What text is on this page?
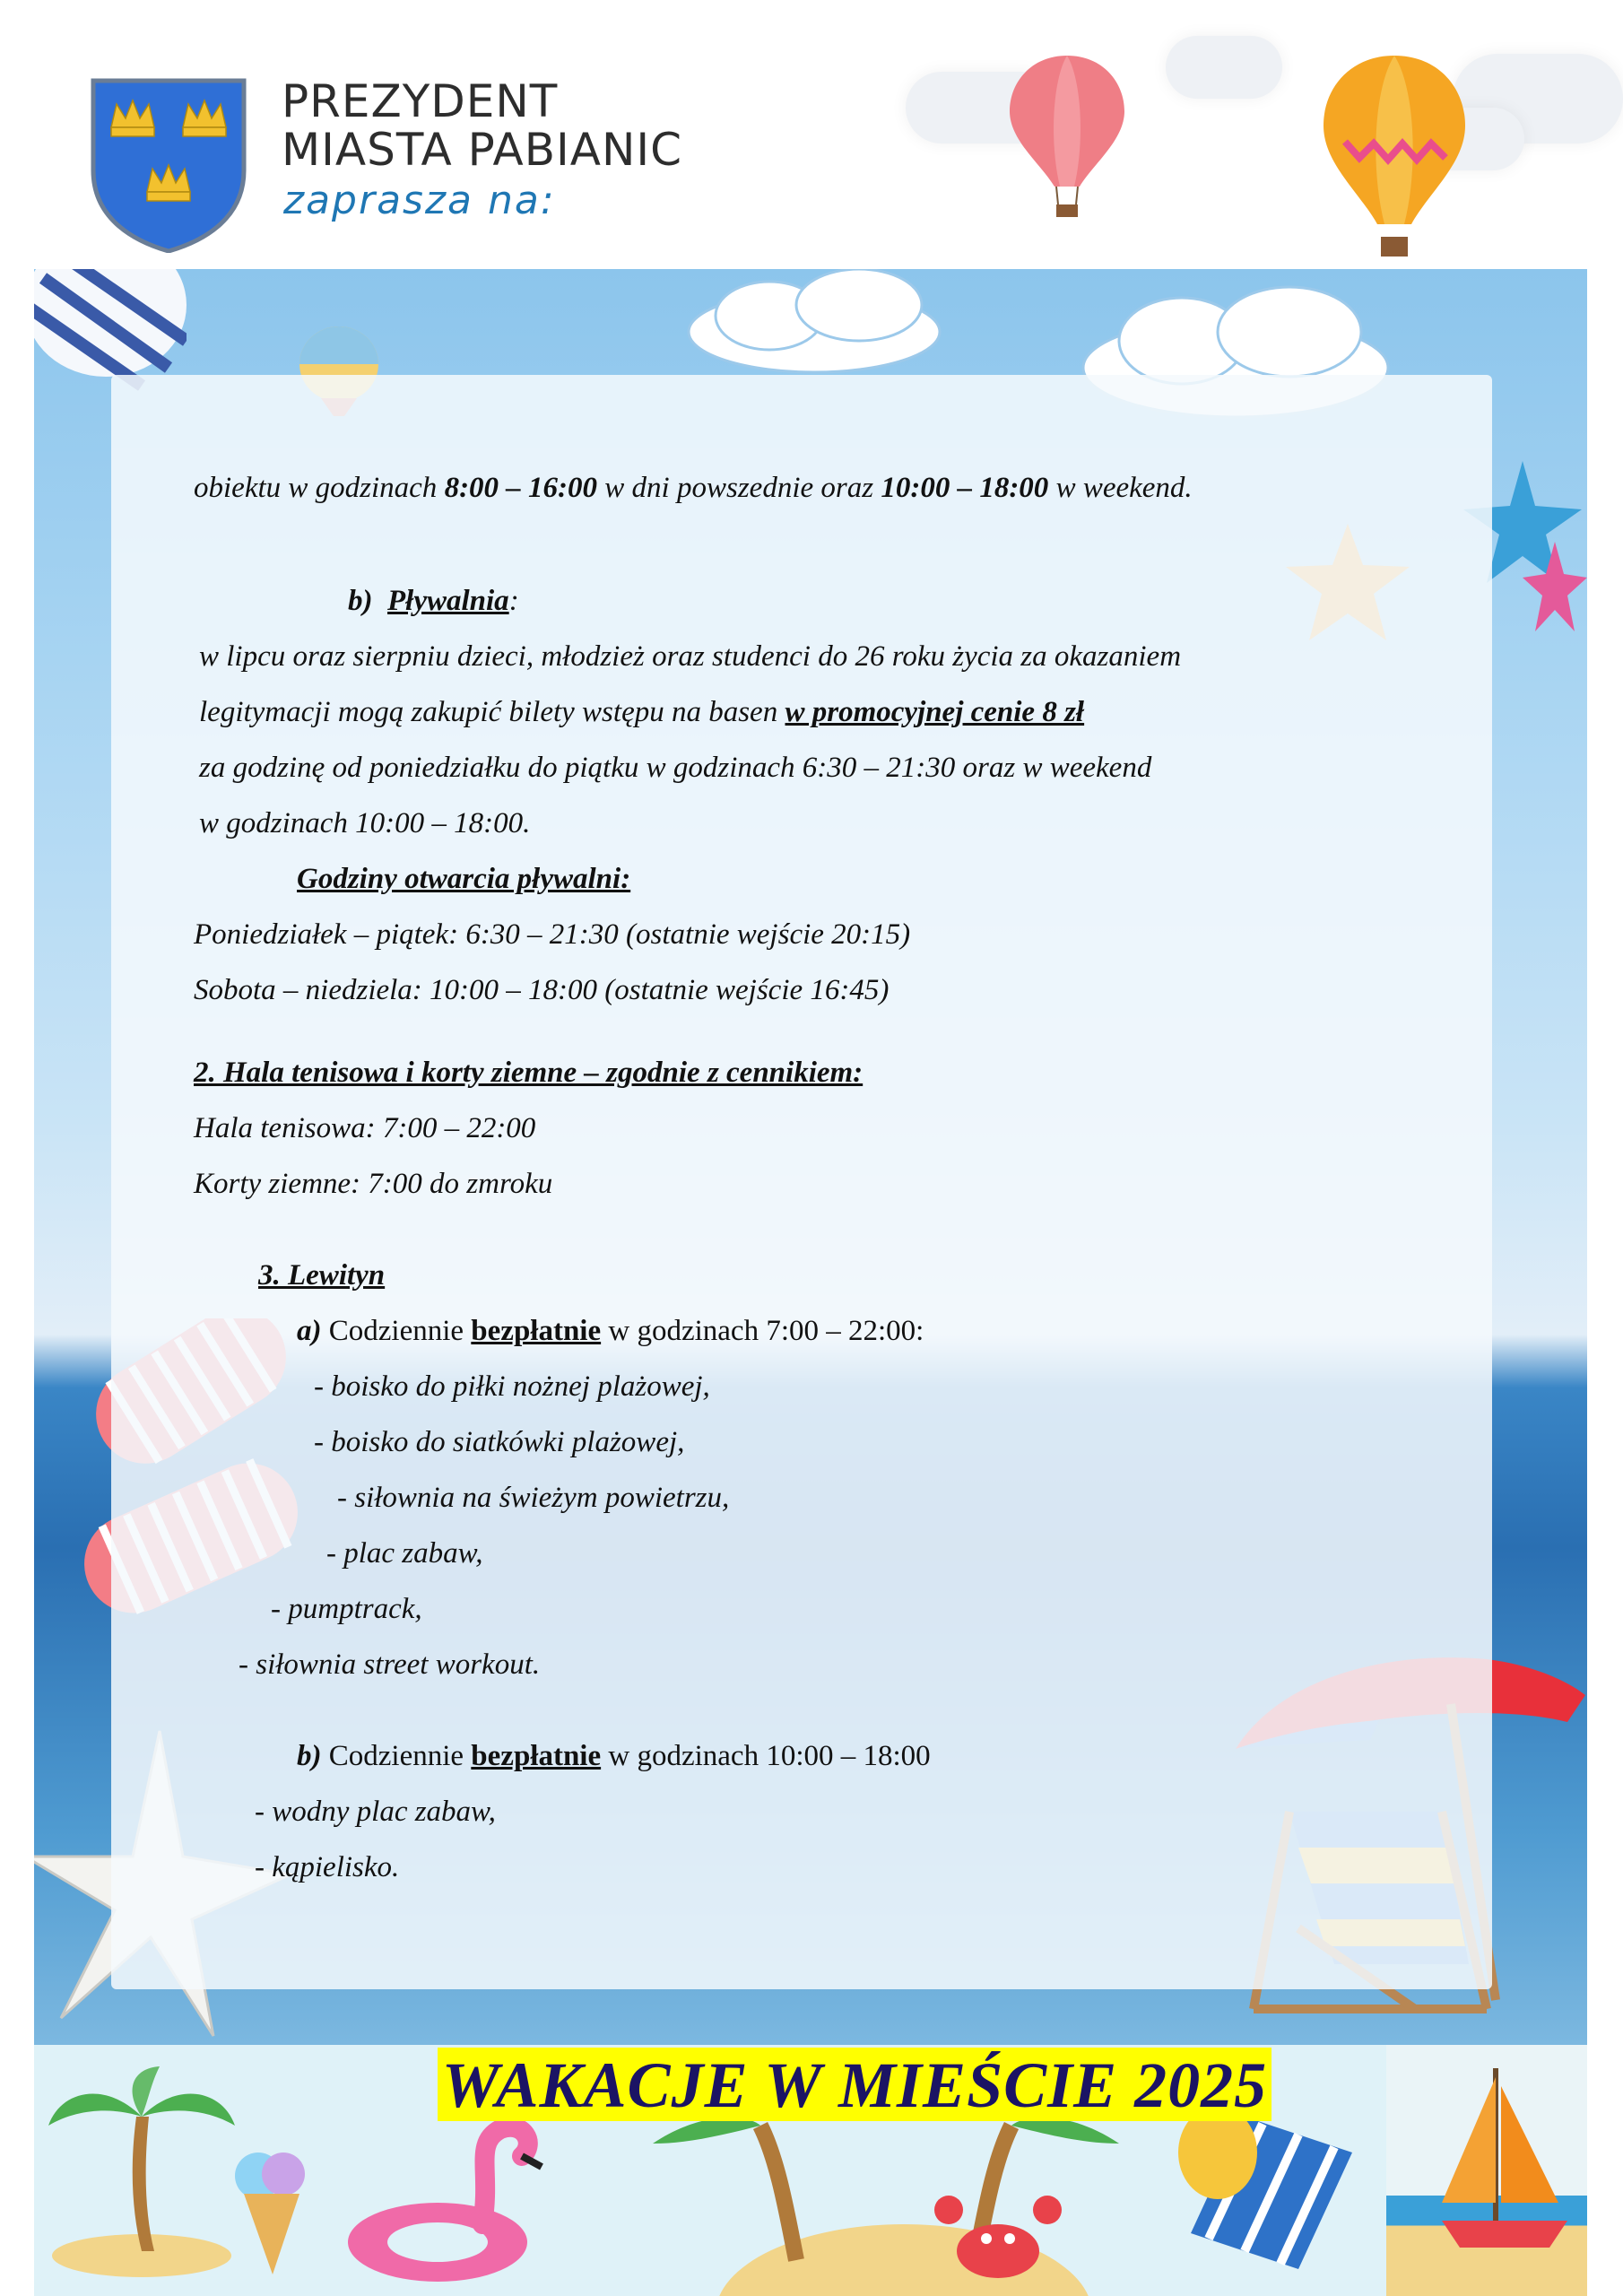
PREZYDENT
MIASTA PABIANIC
zaprasza na:
obiektu w godzinach 8:00 – 16:00 w dni powszednie oraz 10:00 – 18:00 w weekend.
b) Pływalnia:
w lipcu oraz sierpniu dzieci, młodzież oraz studenci do 26 roku życia za okazaniem
legitymacji mogą zakupić bilety wstępu na basen w promocyjnej cenie 8 zł
za godzinę od poniedziałku do piątku w godzinach 6:30 – 21:30 oraz w weekend
w godzinach 10:00 – 18:00.
Godziny otwarcia pływalni:
Poniedziałek – piątek: 6:30 – 21:30 (ostatnie wejście 20:15)
Sobota – niedziela: 10:00 – 18:00 (ostatnie wejście 16:45)
2. Hala tenisowa i korty ziemne – zgodnie z cennikiem:
Hala tenisowa: 7:00 – 22:00
Korty ziemne: 7:00 do zmroku
3. Lewityn
a) Codziennie bezpłatnie w godzinach 7:00 – 22:00:
- boisko do piłki nożnej plażowej,
- boisko do siatkówki plażowej,
- siłownia na świeżym powietrzu,
- plac zabaw,
- pumptrack,
- siłownia street workout.
b) Codziennie bezpłatnie w godzinach 10:00 – 18:00
- wodny plac zabaw,
- kąpielisko.
WAKACJE W MIEŚCIE 2025
